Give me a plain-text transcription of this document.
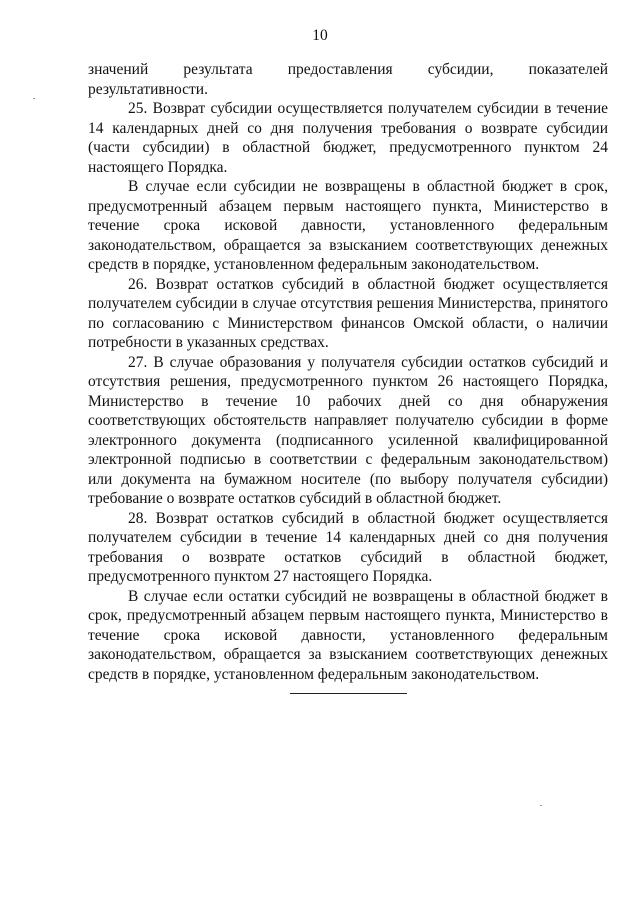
10

значений результата предоставления субсидии, показателей

результативности.

25. Возврат субсидии осуществляется получателем субсидии в течение 14 календарных дней со дня получения требования о возврате субсидии (части субсидии) в областной бюджет, предусмотренного пунктом 24 настоящего Порядка.

В случае если субсидии не возвращены в областной бюджет в срок, предусмотренный абзацем первым настоящего пункта, Министерство в течение срока исковой давности, установленного федеральным законодательством, обращается за взысканием соответствующих денежных средств в порядке, установленном федеральным законодательством.

26. Возврат остатков субсидий в областной бюджет осуществляется получателем субсидии в случае отсутствия решения Министерства, принятого по согласованию с Министерством финансов Омской области, о наличии потребности в указанных средствах.

27. В случае образования у получателя субсидии остатков субсидий и отсутствия решения, предусмотренного пунктом 26 настоящего Порядка, Министерство в течение 10 рабочих дней со дня обнаружения соответствующих обстоятельств направляет получателю субсидии в форме электронного документа (подписанного усиленной квалифицированной электронной подписью в соответствии с федеральным законодательством) или документа на бумажном носителе (по выбору получателя субсидии) требование о возврате остатков субсидий в областной бюджет.

28. Возврат остатков субсидий в областной бюджет осуществляется получателем субсидии в течение 14 календарных дней со дня получения требования о возврате остатков субсидий в областной бюджет, предусмотренного пунктом 27 настоящего Порядка.

В случае если остатки субсидий не возвращены в областной бюджет в срок, предусмотренный абзацем первым настоящего пункта, Министерство в течение срока исковой давности, установленного федеральным законодательством, обращается за взысканием соответствующих денежных средств в порядке, установленном федеральным законодательством.
